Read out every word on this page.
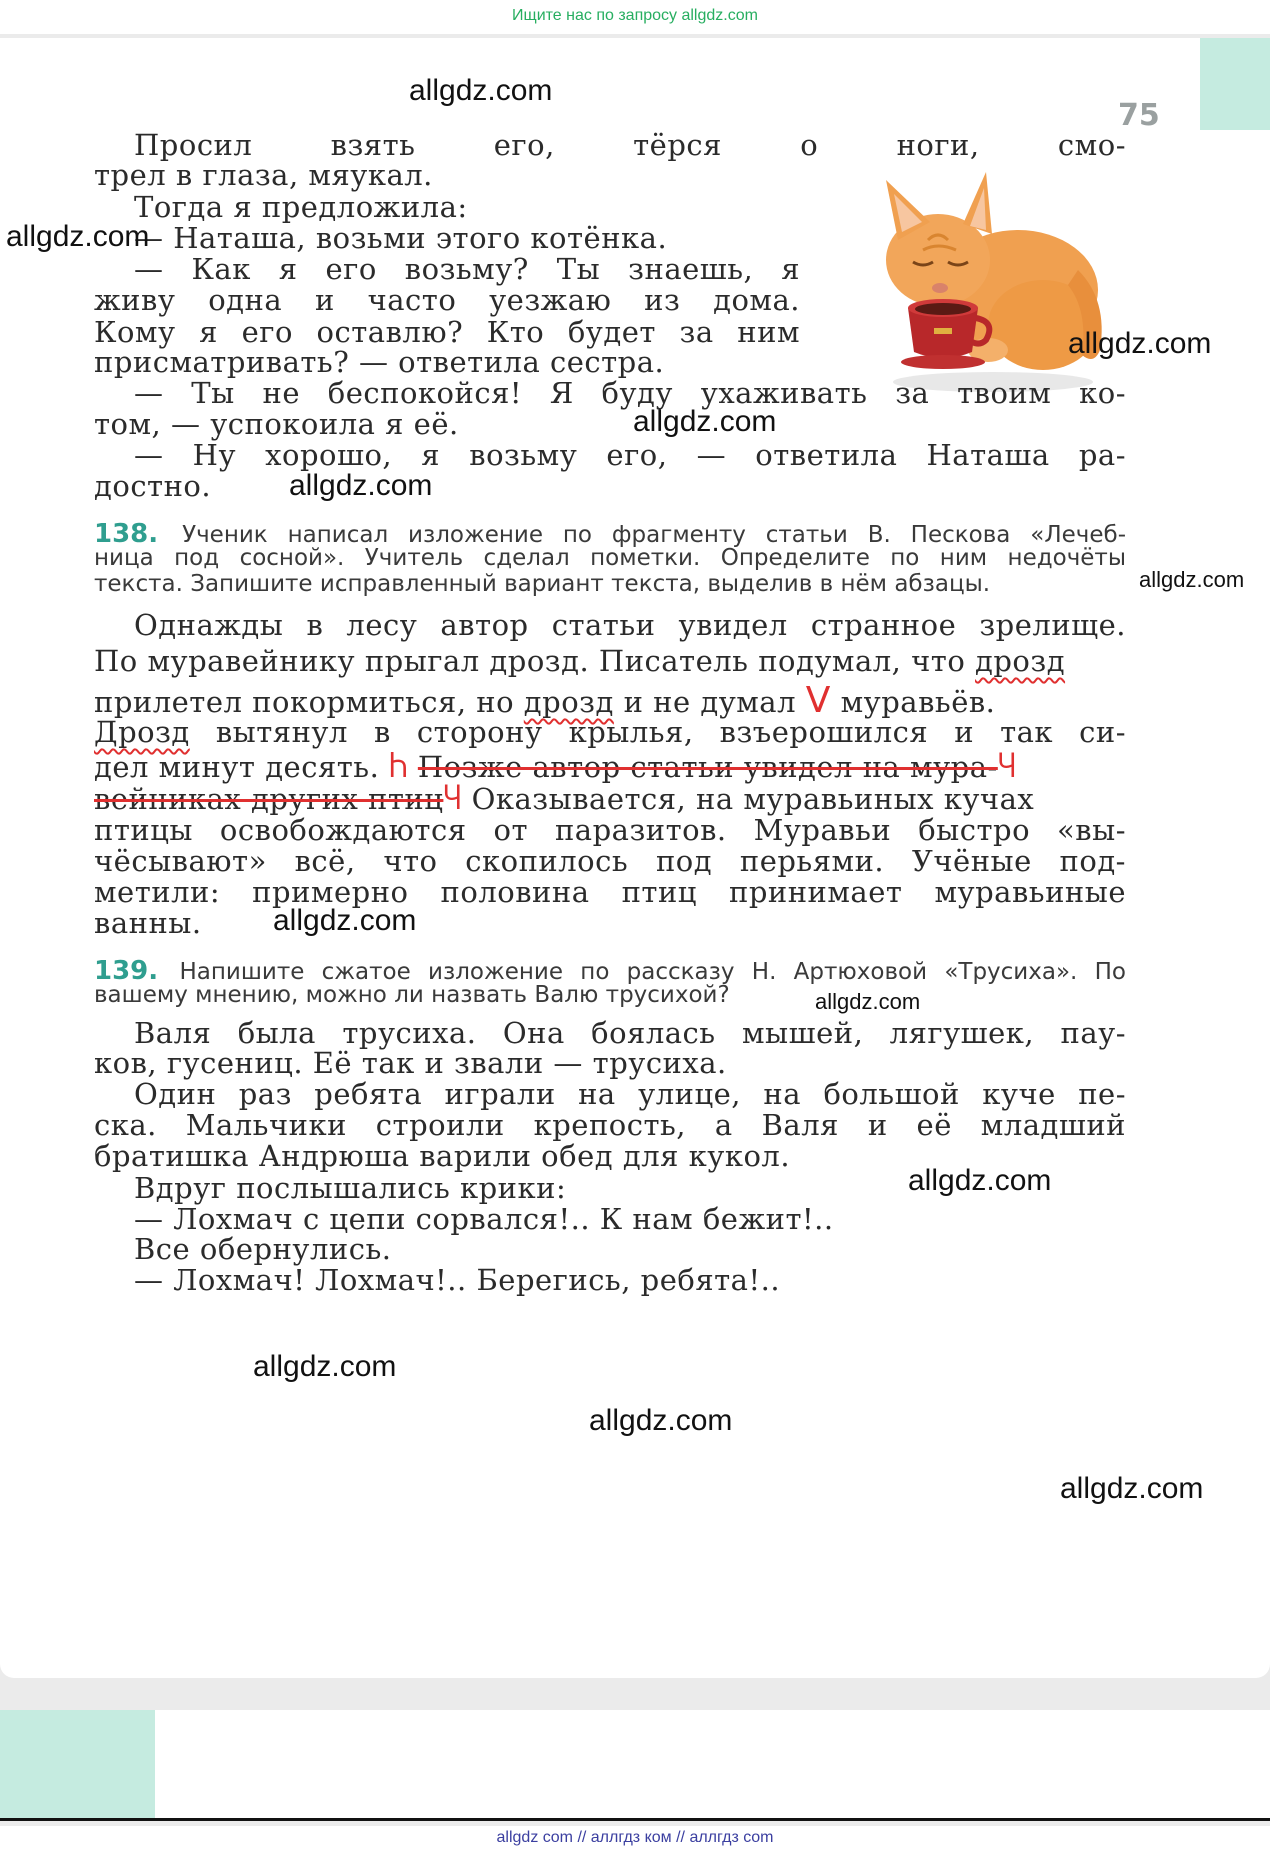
Ищите нас по запросу allgdz.com
75
Просил взять его, тёрся о ноги, смо-
трел в глаза, мяукал.
Тогда я предложила:
— Наташа, возьми этого котёнка.
— Как я его возьму? Ты знаешь, я
живу одна и часто уезжаю из дома.
Кому я его оставлю? Кто будет за ним
присматривать? — ответила сестра.
— Ты не беспокойся! Я буду ухаживать за твоим ко-
том, — успокоила я её.
— Ну хорошо, я возьму его, — ответила Наташа ра-
достно.
138. Ученик написал изложение по фрагменту статьи В. Пескова «Лечеб-
ница под сосной». Учитель сделал пометки. Определите по ним недочёты
текста. Запишите исправленный вариант текста, выделив в нём абзацы.
Однажды в лесу автор статьи увидел странное зрелище.
По муравейнику прыгал дрозд. Писатель подумал, что дрозд
прилетел покормиться, но дрозд и не думал V муравьёв.
Дрозд вытянул в сторону крылья, взъерошился и так си-
дел минут десять. Ⴙ Позже автор статьи увидел на мура-Ⴗ
вейниках других птицႷ Оказывается, на муравьиных кучах
птицы освобождаются от паразитов. Муравьи быстро «вы-
чёсывают» всё, что скопилось под перьями. Учёные под-
метили: примерно половина птиц принимает муравьиные
ванны.
139. Напишите сжатое изложение по рассказу Н. Артюховой «Трусиха». По
вашему мнению, можно ли назвать Валю трусихой?
Валя была трусиха. Она боялась мышей, лягушек, пау-
ков, гусениц. Её так и звали — трусиха.
Один раз ребята играли на улице, на большой куче пе-
ска. Мальчики строили крепость, а Валя и её младший
братишка Андрюша варили обед для кукол.
Вдруг послышались крики:
— Лохмач с цепи сорвался!.. К нам бежит!..
Все обернулись.
— Лохмач! Лохмач!.. Берегись, ребята!..
allgdz.com
allgdz.com
allgdz.com
allgdz.com
allgdz.com
allgdz.com
allgdz.com
allgdz.com
allgdz.com
allgdz.com
allgdz.com
allgdz.com
allgdz com // аллгдз ком // аллгдз com
